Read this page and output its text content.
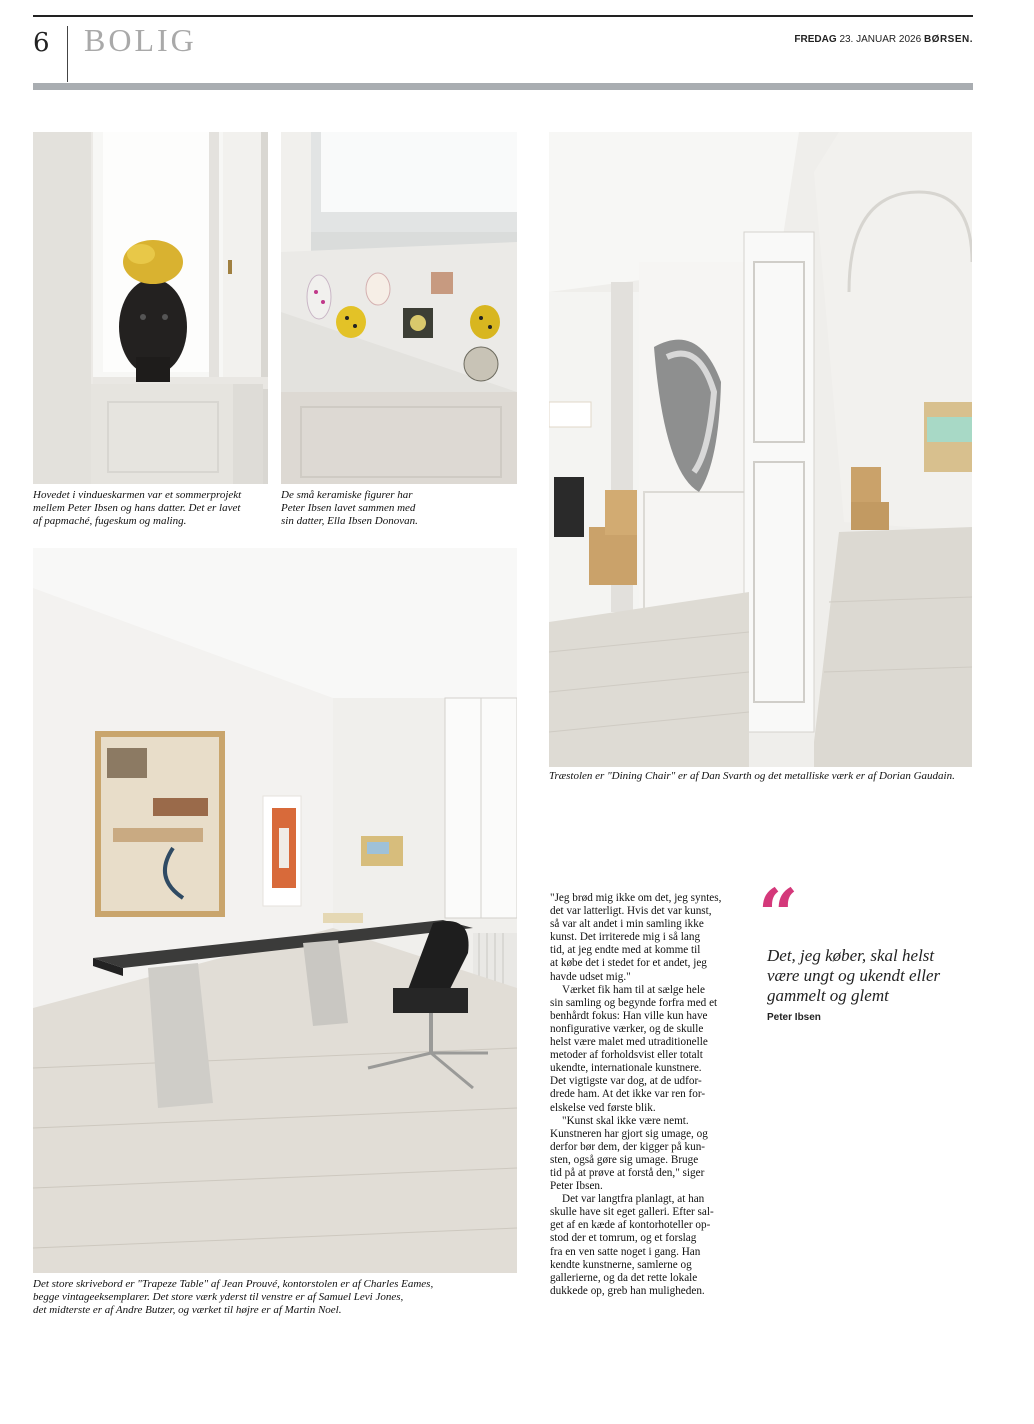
6 BOLIG	FREDAG 23. JANUAR 2026 BØRSEN.
Hovedet i vindueskarmen var et sommerprojekt
mellem Peter Ibsen og hans datter. Det er lavet
af papmaché, fugeskum og maling.
De små keramiske figurer har
Peter Ibsen lavet sammen med
sin datter, Ella Ibsen Donovan.
Træstolen er "Dining Chair" er af Dan Svarth og det metalliske værk er af Dorian Gaudain.
Det store skrivebord er "Trapeze Table" af Jean Prouvé, kontorstolen er af Charles Eames,
begge vintageeksemplarer. Det store værk yderst til venstre er af Samuel Levi Jones,
det midterste er af Andre Butzer, og værket til højre er af Martin Noel.
"Jeg brød mig ikke om det, jeg syntes,
det var latterligt. Hvis det var kunst,
så var alt andet i min samling ikke
kunst. Det irriterede mig i så lang
tid, at jeg endte med at komme til
at købe det i stedet for et andet, jeg
havde udset mig."
Værket fik ham til at sælge hele
sin samling og begynde forfra med et
benhårdt fokus: Han ville kun have
nonfigurative værker, og de skulle
helst være malet med utraditionelle
metoder af forholdsvist eller totalt
ukendte, internationale kunstnere.
Det vigtigste var dog, at de udfor-
drede ham. At det ikke var ren for-
elskelse ved første blik.
"Kunst skal ikke være nemt.
Kunstneren har gjort sig umage, og
derfor bør dem, der kigger på kun-
sten, også gøre sig umage. Bruge
tid på at prøve at forstå den," siger
Peter Ibsen.
Det var langtfra planlagt, at han
skulle have sit eget galleri. Efter sal-
get af en kæde af kontorhoteller op-
stod der et tomrum, og et forslag
fra en ven satte noget i gang. Han
kendte kunstnerne, samlerne og
gallerierne, og da det rette lokale
dukkede op, greb han muligheden.
“
Det, jeg køber, skal helst
være ungt og ukendt eller
gammelt og glemt
Peter Ibsen
